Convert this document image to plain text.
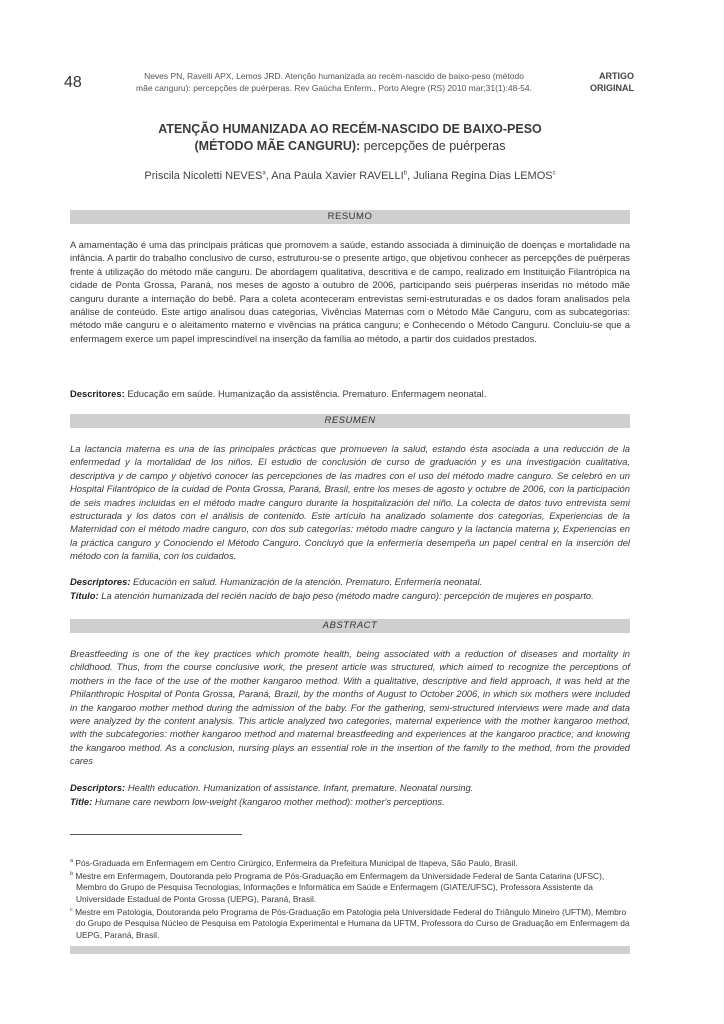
48	Neves PN, Ravelli APX, Lemos JRD. Atenção humanizada ao recém-nascido de baixo-peso (método
mãe canguru): percepções de puérperas. Rev Gaúcha Enferm., Porto Alegre (RS) 2010 mar;31(1):48-54.
ARTIGO
ORIGINAL
ATENÇÃO HUMANIZADA AO RECÉM-NASCIDO DE BAIXO-PESO
(MÉTODO MÃE CANGURU): percepções de puérperas
Priscila Nicoletti NEVES$^a$, Ana Paula Xavier RAVELLI$^b$, Juliana Regina Dias LEMOS$^c$
RESUMO

A amamentação é uma das principais práticas que promovem a saúde, estando associada à diminuição de doenças e mortalidade na infância. A partir do trabalho conclusivo de curso, estruturou-se o presente artigo, que objetivou conhecer as percepções de puérperas frente à utilização do método mãe canguru. De abordagem qualitativa, descritiva e de campo, realizado em Instituição Filantrópica na cidade de Ponta Grossa, Paraná, nos meses de agosto a outubro de 2006, participando seis puérperas inseridas no método mãe canguru durante a internação do bebê. Para a coleta aconteceram entrevistas semi-estruturadas e os dados foram analisados pela análise de conteúdo. Este artigo analisou duas categorias, Vivências Maternas com o Método Mãe Canguru, com as subcategorias: método mãe canguru e o aleitamento materno e vivências na prática canguru; e Conhecendo o Método Canguru. Concluiu-se que a enfermagem exerce um papel imprescindível na inserção da família ao método, a partir dos cuidados prestados.

Descritores: Educação em saúde. Humanização da assistência. Prematuro. Enfermagem neonatal.
RESUMEN

La lactancia materna es una de las principales prácticas que promueven la salud, estando ésta asociada a una reducción de la enfermedad y la mortalidad de los niños. El estudio de conclusión de curso de graduación y es una investigación cualitativa, descriptiva y de campo y objetivó conocer las percepciones de las madres con el uso del método madre canguro. Se celebró en un Hospital Filantrópico de la cuidad de Ponta Grossa, Paraná, Brasil, entre los meses de agosto y octubre de 2006, con la participación de seis madres incluidas en el método madre canguro durante la hospitalización del niño. La colecta de datos tuvo entrevista semi estructurada y los datos con el análisis de contenido. Este artículo ha analizado solamente dos categorías, Experiencias de la Maternidad con el método madre canguro, con dos sub categorías: método madre canguro y la lactancia materna y, Experiencias en la práctica canguro y Conociendo el Método Canguro. Concluyó que la enfermería desempeña un papel central en la inserción del método con la familia, con los cuidados.

Descriptores: Educación en salud. Humanización de la atención. Prematuro. Enfermería neonatal.
Título: La atención humanizada del recién nacido de bajo peso (método madre canguro): percepción de mujeres en posparto.
ABSTRACT

Breastfeeding is one of the key practices which promote health, being associated with a reduction of diseases and mortality in childhood. Thus, from the course conclusive work, the present article was structured, which aimed to recognize the perceptions of mothers in the face of the use of the mother kangaroo method. With a qualitative, descriptive and field approach, it was held at the Philanthropic Hospital of Ponta Grossa, Paraná, Brazil, by the months of August to October 2006, in which six mothers were included in the kangaroo mother method during the admission of the baby. For the gathering, semi-structured interviews were made and data were analyzed by the content analysis. This article analyzed two categories, maternal experience with the mother kangaroo method, with the subcategories: mother kangaroo method and maternal breastfeeding and experiences at the kangaroo practice; and knowing the kangaroo method. As a conclusion, nursing plays an essential role in the insertion of the family to the method, from the provided cares

Descriptors: Health education. Humanization of assistance. Infant, premature. Neonatal nursing.
Title: Humane care newborn low-weight (kangaroo mother method): mother's perceptions.

$^a$ Pós-Graduada em Enfermagem em Centro Cirúrgico, Enfermeira da Prefeitura Municipal de Itapeva, São Paulo, Brasil.

$^b$ Mestre em Enfermagem, Doutoranda pelo Programa de Pós-Graduação em Enfermagem da Universidade Federal de Santa Catarina (UFSC), Membro do Grupo de Pesquisa Tecnologias, Informações e Informática em Saúde e Enfermagem (GIATE/UFSC), Professora Assistente da Universidade Estadual de Ponta Grossa (UEPG), Paraná, Brasil.

$^c$ Mestre em Patologia, Doutoranda pelo Programa de Pós-Graduação em Patologia pela Universidade Federal do Triângulo Mineiro (UFTM), Membro do Grupo de Pesquisa Núcleo de Pesquisa em Patologia Experimental e Humana da UFTM, Professora do Curso de Graduação em Enfermagem da UEPG, Paraná, Brasil.
